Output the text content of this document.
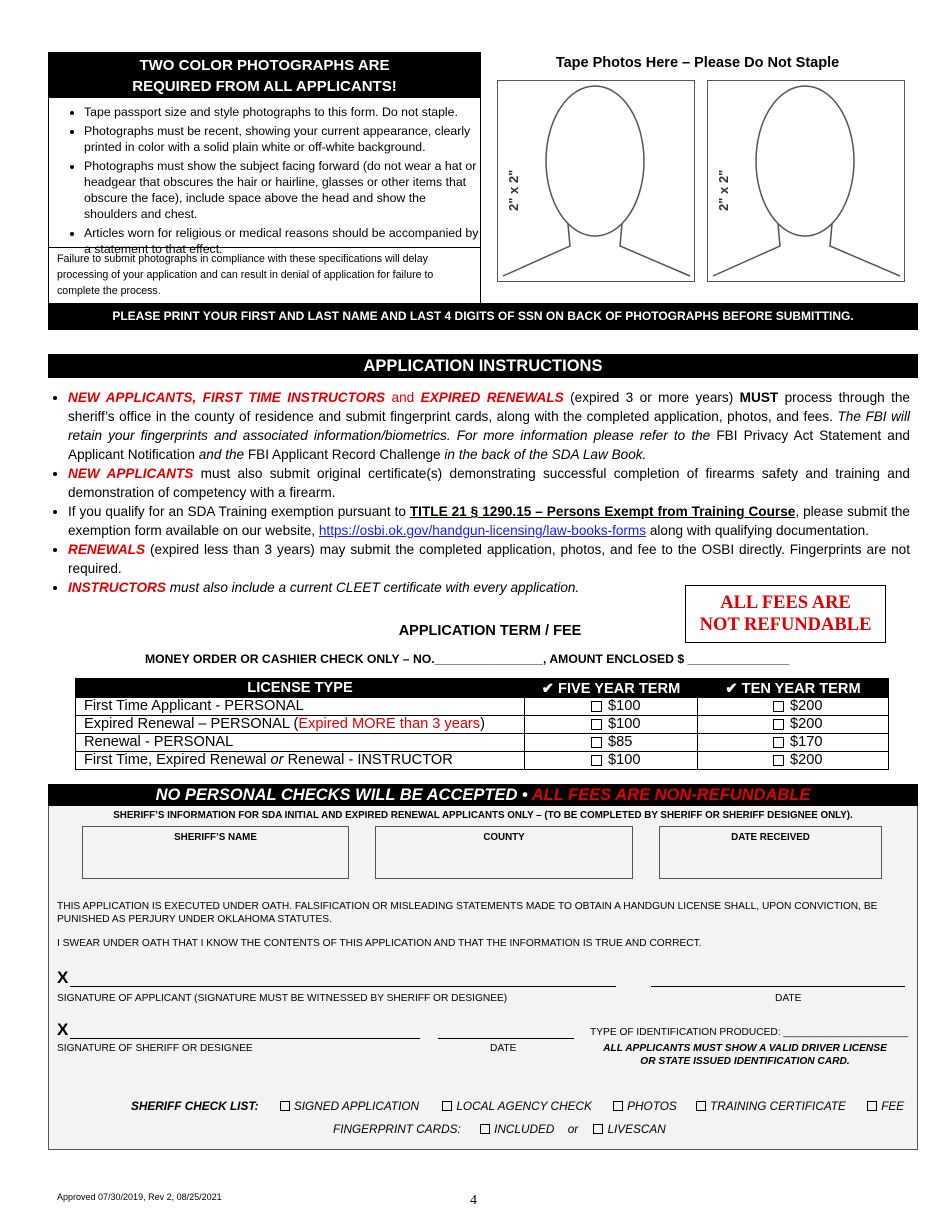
TWO COLOR PHOTOGRAPHS ARE
REQUIRED FROM ALL APPLICANTS!
• Tape passport size and style photographs to this form. Do not staple.
• Photographs must be recent, showing your current appearance, clearly printed in color with a solid plain white or off-white background.
• Photographs must show the subject facing forward (do not wear a hat or headgear that obscures the hair or hairline, glasses or other items that obscure the face), include space above the head and show the shoulders and chest.
• Articles worn for religious or medical reasons should be accompanied by a statement to that effect.
Failure to submit photographs in compliance with these specifications will delay processing of your application and can result in denial of application for failure to complete the process.
Tape Photos Here – Please Do Not Staple
2" x 2"	2" x 2"
PLEASE PRINT YOUR FIRST AND LAST NAME AND LAST 4 DIGITS OF SSN ON BACK OF PHOTOGRAPHS BEFORE SUBMITTING.
APPLICATION INSTRUCTIONS
• NEW APPLICANTS, FIRST TIME INSTRUCTORS and EXPIRED RENEWALS (expired 3 or more years) MUST process through the sheriff’s office in the county of residence and submit fingerprint cards, along with the completed application, photos, and fees. The FBI will retain your fingerprints and associated information/biometrics. For more information please refer to the FBI Privacy Act Statement and Applicant Notification and the FBI Applicant Record Challenge in the back of the SDA Law Book.
• NEW APPLICANTS must also submit original certificate(s) demonstrating successful completion of firearms safety and training and demonstration of competency with a firearm.
• If you qualify for an SDA Training exemption pursuant to TITLE 21 § 1290.15 – Persons Exempt from Training Course, please submit the exemption form available on our website, https://osbi.ok.gov/handgun-licensing/law-books-forms along with qualifying documentation.
• RENEWALS (expired less than 3 years) may submit the completed application, photos, and fee to the OSBI directly. Fingerprints are not required.
• INSTRUCTORS must also include a current CLEET certificate with every application.
ALL FEES ARE
NOT REFUNDABLE
APPLICATION TERM / FEE
MONEY ORDER OR CASHIER CHECK ONLY – NO.________________, AMOUNT ENCLOSED $ _______________
LICENSE TYPE	✔ FIVE YEAR TERM	✔ TEN YEAR TERM
First Time Applicant - PERSONAL	$100	$200

Expired Renewal – PERSONAL (Expired MORE than 3 years)	$100	$200

Renewal - PERSONAL	$85	$170

First Time, Expired Renewal or Renewal - INSTRUCTOR	$100	$200
NO PERSONAL CHECKS WILL BE ACCEPTED • ALL FEES ARE NON-REFUNDABLE
SHERIFF’S INFORMATION FOR SDA INITIAL AND EXPIRED RENEWAL APPLICANTS ONLY – (TO BE COMPLETED BY SHERIFF OR SHERIFF DESIGNEE ONLY).
SHERIFF’S NAME	COUNTY	DATE RECEIVED
THIS APPLICATION IS EXECUTED UNDER OATH. FALSIFICATION OR MISLEADING STATEMENTS MADE TO OBTAIN A HANDGUN LICENSE SHALL, UPON CONVICTION, BE PUNISHED AS PERJURY UNDER OKLAHOMA STATUTES.
I SWEAR UNDER OATH THAT I KNOW THE CONTENTS OF THIS APPLICATION AND THAT THE INFORMATION IS TRUE AND CORRECT.
X
SIGNATURE OF APPLICANT (SIGNATURE MUST BE WITNESSED BY SHERIFF OR DESIGNEE)	DATE
X	TYPE OF IDENTIFICATION PRODUCED: ______________________
SIGNATURE OF SHERIFF OR DESIGNEE	DATE	ALL APPLICANTS MUST SHOW A VALID DRIVER LICENSE
OR STATE ISSUED IDENTIFICATION CARD.
SHERIFF CHECK LIST:	SIGNED APPLICATION	LOCAL AGENCY CHECK	PHOTOS	TRAINING CERTIFICATE	FEE
FINGERPRINT CARDS:	INCLUDED or LIVESCAN
Approved 07/30/2019, Rev 2, 08/25/2021	4
